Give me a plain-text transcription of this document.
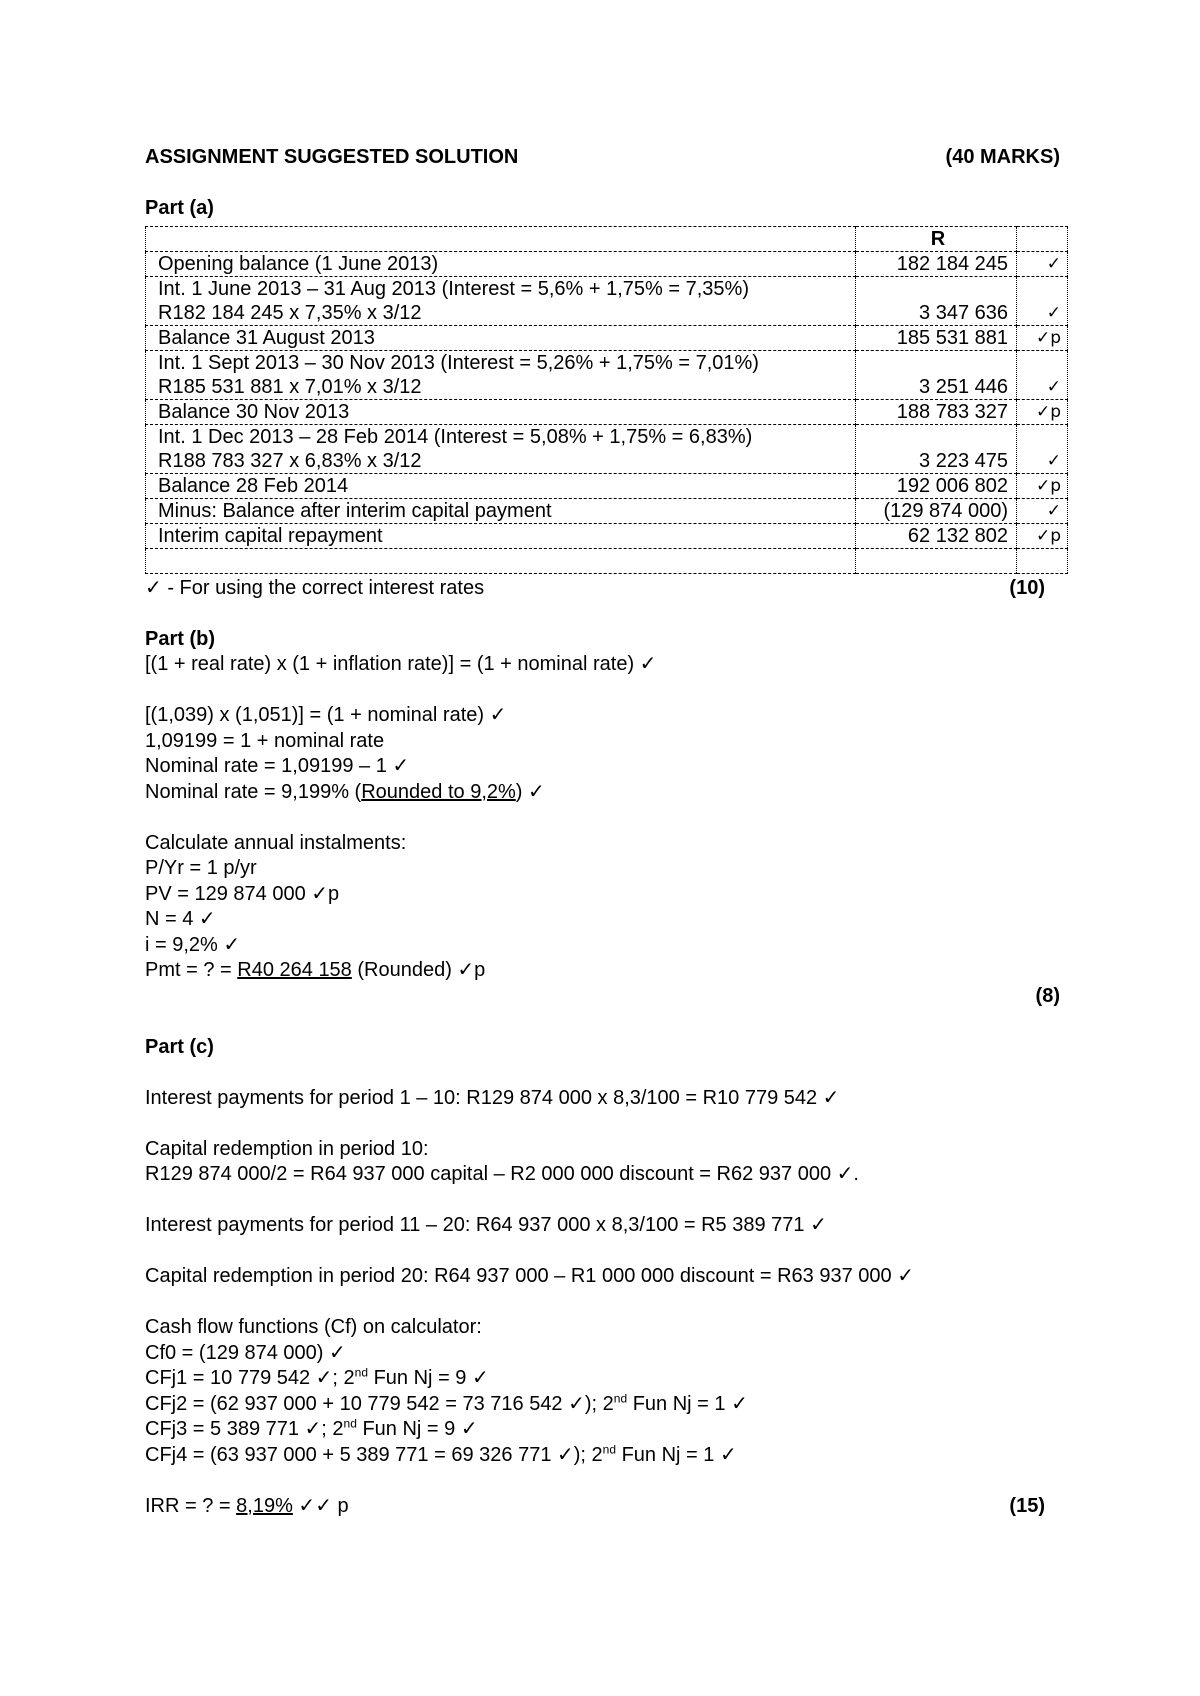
ASSIGNMENT SUGGESTED SOLUTION	(40 MARKS)
Part (a)
	R	

Opening balance (1 June 2013)	182 184 245	✓

Int. 1 June 2013 – 31 Aug 2013 (Interest = 5,6% + 1,75% = 7,35%)
R182 184 245 x 7,35% x 3/12	3 347 636	✓

Balance 31 August 2013	185 531 881	✓p

Int. 1 Sept 2013 – 30 Nov 2013 (Interest = 5,26% + 1,75% = 7,01%)
R185 531 881 x 7,01% x 3/12	3 251 446	✓

Balance 30 Nov 2013	188 783 327	✓p

Int. 1 Dec 2013 – 28 Feb 2014 (Interest = 5,08% + 1,75% = 6,83%)
R188 783 327 x 6,83% x 3/12	3 223 475	✓

Balance 28 Feb 2014	192 006 802	✓p

Minus: Balance after interim capital payment	(129 874 000)	✓

Interim capital repayment	62 132 802	✓p

✓ - For using the correct interest rates	(10)
Part (b)
[(1 + real rate) x (1 + inflation rate)] = (1 + nominal rate) ✓
[(1,039) x (1,051)] = (1 + nominal rate) ✓
1,09199 = 1 + nominal rate
Nominal rate = 1,09199 – 1 ✓
Nominal rate = 9,199% (Rounded to 9,2%) ✓
Calculate annual instalments:
P/Yr = 1 p/yr
PV = 129 874 000 ✓p
N = 4 ✓
i = 9,2% ✓
Pmt = ? = R40 264 158 (Rounded) ✓p
(8)
Part (c)
Interest payments for period 1 – 10: R129 874 000 x 8,3/100 = R10 779 542 ✓
Capital redemption in period 10:
R129 874 000/2 = R64 937 000 capital – R2 000 000 discount = R62 937 000 ✓.
Interest payments for period 11 – 20: R64 937 000 x 8,3/100 = R5 389 771 ✓
Capital redemption in period 20: R64 937 000 – R1 000 000 discount = R63 937 000 ✓
Cash flow functions (Cf) on calculator:
Cf0 = (129 874 000) ✓
CFj1 = 10 779 542 ✓; 2nd Fun Nj = 9 ✓
CFj2 = (62 937 000 + 10 779 542 = 73 716 542 ✓); 2nd Fun Nj = 1 ✓
CFj3 = 5 389 771 ✓; 2nd Fun Nj = 9 ✓
CFj4 = (63 937 000 + 5 389 771 = 69 326 771 ✓); 2nd Fun Nj = 1 ✓
IRR = ? = 8,19% ✓✓ p	(15)
